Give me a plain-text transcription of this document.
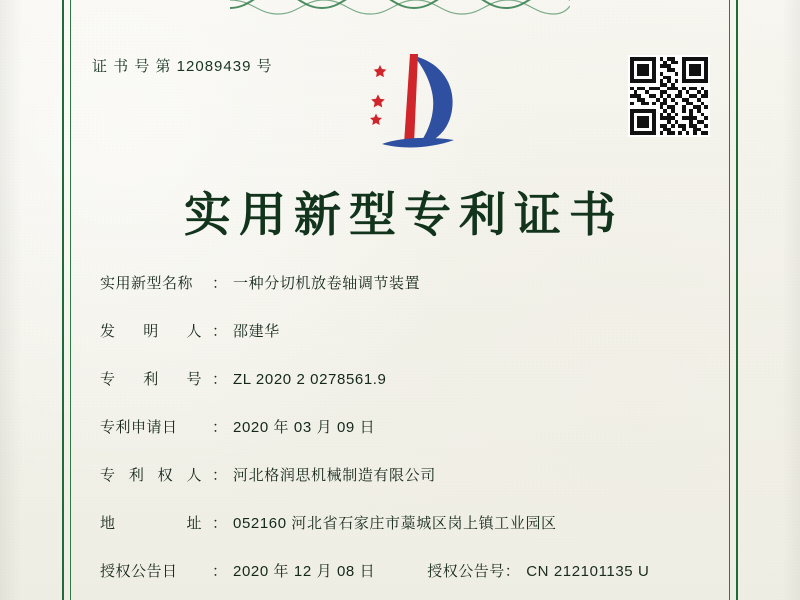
证 书 号 第 12089439 号
实用新型专利证书
实用新型名称	： 一种分切机放卷轴调节装置
发明人 ： 邵建华
专利号 ： ZL 2020 2 0278561.9
专利申请日	： 2020 年 03 月 09 日
专利权人 ： 河北格润思机械制造有限公司
地址 ： 052160 河北省石家庄市藁城区岗上镇工业园区
授权公告日	： 2020 年 12 月 08 日	授权公告号： CN 212101135 U
